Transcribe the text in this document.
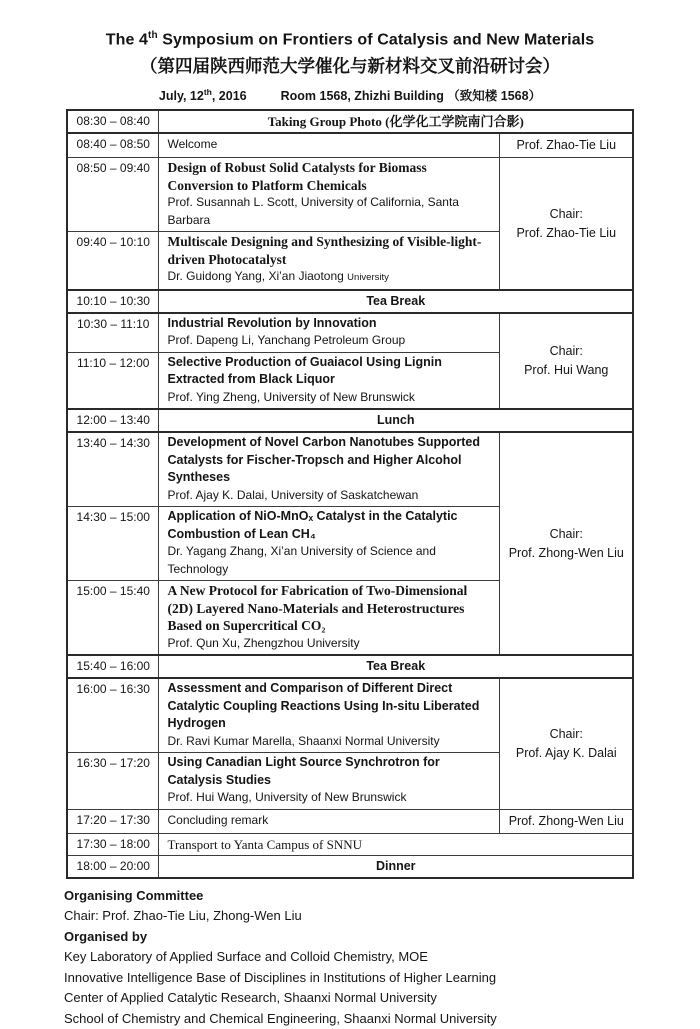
The 4th Symposium on Frontiers of Catalysis and New Materials
（第四届陕西师范大学催化与新材料交叉前沿研讨会）
July, 12th, 2016	Room 1568, Zhizhi Building （致知楼 1568）
08:30 – 08:40	Taking Group Photo (化学化工学院南门合影)	
08:40 – 08:50	Welcome	Prof. Zhao-Tie Liu
08:50 – 09:40	Design of Robust Solid Catalysts for Biomass Conversion to Platform Chemicals
Prof. Susannah L. Scott, University of California, Santa Barbara	Chair:
Prof. Zhao-Tie Liu

09:40 – 10:10	Multiscale Designing and Synthesizing of Visible-light-driven Photocatalyst
Dr. Guidong Yang, Xi’an Jiaotong University	

10:10 – 10:30	Tea Break	
10:30 – 11:10	Industrial Revolution by Innovation
Prof. Dapeng Li, Yanchang Petroleum Group

Chair:
Prof. Hui Wang

11:10 – 12:00	Selective Production of Guaiacol Using Lignin Extracted from Black Liquor
Prof. Ying Zheng, University of New Brunswick	

12:00 – 13:40	Lunch	
13:40 – 14:30	Development of Novel Carbon Nanotubes Supported Catalysts for Fischer-Tropsch and Higher Alcohol Syntheses
Prof. Ajay K. Dalai, University of Saskatchewan

Chair:
Prof. Zhong-Wen Liu

14:30 – 15:00	Application of NiO-MnOₓ Catalyst in the Catalytic Combustion of Lean CH₄
Dr. Yagang Zhang, Xi’an University of Science and Technology	

15:00 – 15:40	A New Protocol for Fabrication of Two-Dimensional (2D) Layered Nano-Materials and Heterostructures Based on Supercritical CO₂
Prof. Qun Xu, Zhengzhou University	

15:40 – 16:00	Tea Break	
16:00 – 16:30	Assessment and Comparison of Different Direct Catalytic Coupling Reactions Using In-situ Liberated Hydrogen
Dr. Ravi Kumar Marella, Shaanxi Normal University	Chair:
Prof. Ajay K. Dalai

16:30 – 17:20	Using Canadian Light Source Synchrotron for Catalysis Studies
Prof. Hui Wang, University of New Brunswick	

17:20 – 17:30	Concluding remark	Prof. Zhong-Wen Liu
17:30 – 18:00	Transport to Yanta Campus of SNNU	
18:00 – 20:00	Dinner	
Organising Committee
Chair: Prof. Zhao-Tie Liu, Zhong-Wen Liu
Organised by
Key Laboratory of Applied Surface and Colloid Chemistry, MOE
Innovative Intelligence Base of Disciplines in Institutions of Higher Learning
Center of Applied Catalytic Research, Shaanxi Normal University
School of Chemistry and Chemical Engineering, Shaanxi Normal University
